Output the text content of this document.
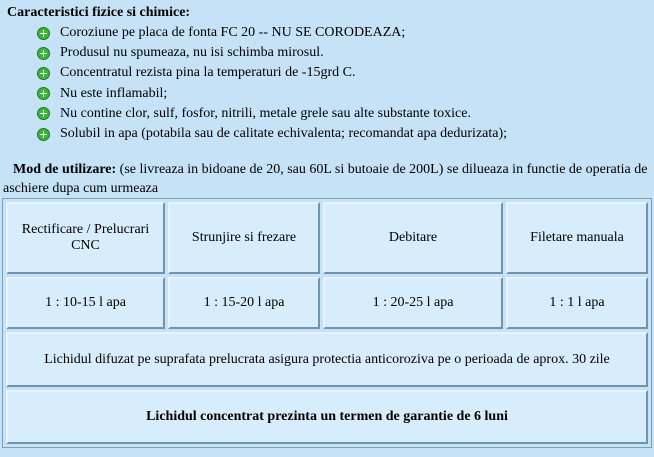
Caracteristici fizice si chimice:
Coroziune pe placa de fonta FC 20 -- NU SE CORODEAZA;
Produsul nu spumeaza, nu isi schimba mirosul.
Concentratul rezista pina la temperaturi de -15grd C.
Nu este inflamabil;
Nu contine clor, sulf, fosfor, nitrili, metale grele sau alte substante toxice.
Solubil in apa (potabila sau de calitate echivalenta; recomandat apa dedurizata);
Mod de utilizare: (se livreaza in bidoane de 20, sau 60L si butoaie de 200L) se dilueaza in functie de operatia de aschiere dupa cum urmeaza
Rectificare / Prelucrari CNC	Strunjire si frezare	Debitare	Filetare manuala
1 : 10-15 l apa	1 : 15-20 l apa	1 : 20-25 l apa	1 : 1 l apa
Lichidul difuzat pe suprafata prelucrata asigura protectia anticoroziva pe o perioada de aprox. 30 zile			
Lichidul concentrat prezinta un termen de garantie de 6 luni			
